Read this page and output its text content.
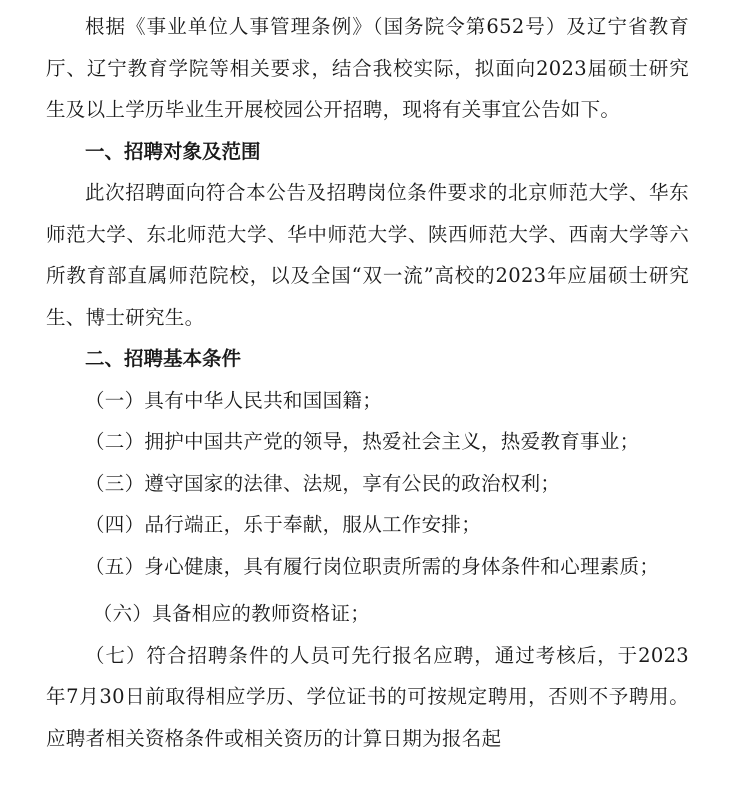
根据《事业单位人事管理条例》（国务院令第652号）及辽宁省教育厅、辽宁教育学院等相关要求，结合我校实际，拟面向2023届硕士研究生及以上学历毕业生开展校园公开招聘，现将有关事宜公告如下。

一、招聘对象及范围

此次招聘面向符合本公告及招聘岗位条件要求的北京师范大学、华东师范大学、东北师范大学、华中师范大学、陕西师范大学、西南大学等六所教育部直属师范院校，以及全国“双一流”高校的2023年应届硕士研究生、博士研究生。

二、招聘基本条件

（一）具有中华人民共和国国籍；

（二）拥护中国共产党的领导，热爱社会主义，热爱教育事业；

（三）遵守国家的法律、法规，享有公民的政治权利；

（四）品行端正，乐于奉献，服从工作安排；

（五）身心健康，具有履行岗位职责所需的身体条件和心理素质；

（六）具备相应的教师资格证；

（七）符合招聘条件的人员可先行报名应聘，通过考核后，于2023年7月30日前取得相应学历、学位证书的可按规定聘用，否则不予聘用。应聘者相关资格条件或相关资历的计算日期为报名起
